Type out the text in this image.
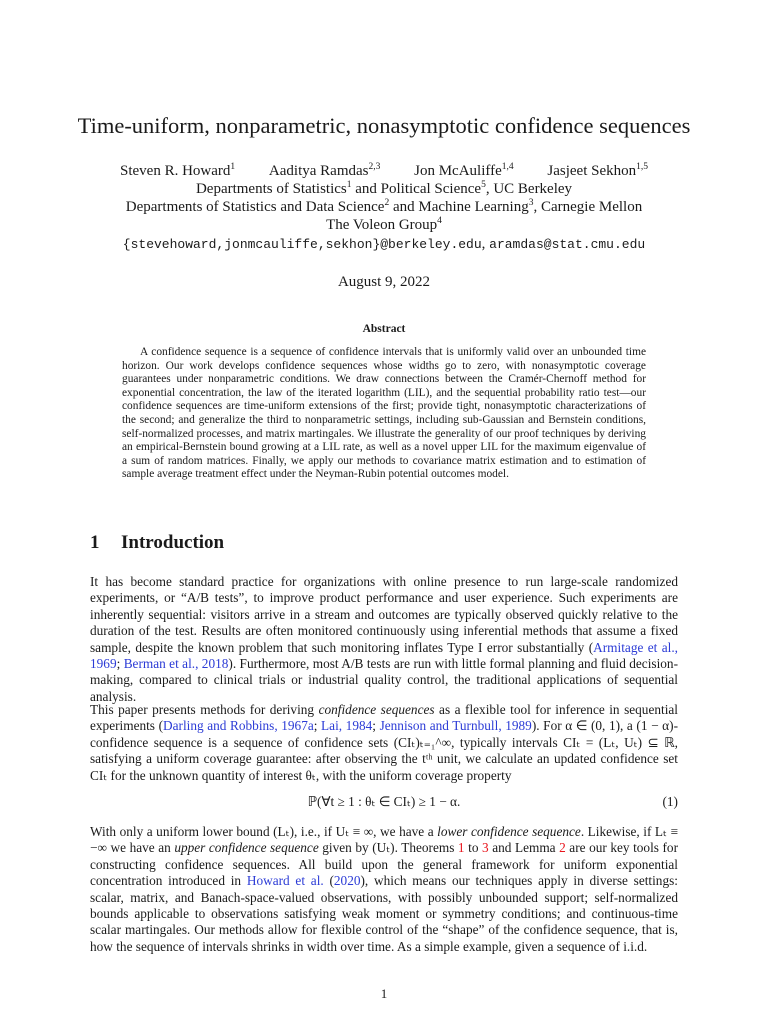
Time-uniform, nonparametric, nonasymptotic confidence sequences
Steven R. Howard$^1$ Aaditya Ramdas$^{2,3}$ Jon McAuliffe$^{1,4}$ Jasjeet Sekhon$^{1,5}$
Departments of Statistics$^1$ and Political Science$^5$, UC Berkeley
Departments of Statistics and Data Science$^2$ and Machine Learning$^3$, Carnegie Mellon
The Voleon Group$^4$
{stevehoward,jonmcauliffe,sekhon}@berkeley.edu, aramdas@stat.cmu.edu
August 9, 2022
Abstract

A confidence sequence is a sequence of confidence intervals that is uniformly valid over an unbounded time horizon. Our work develops confidence sequences whose widths go to zero, with nonasymptotic coverage guarantees under nonparametric conditions. We draw connections between the Cramér-Chernoff method for exponential concentration, the law of the iterated logarithm (LIL), and the sequential probability ratio test—our confidence sequences are time-uniform extensions of the first; provide tight, nonasymptotic characterizations of the second; and generalize the third to nonparametric settings, including sub-Gaussian and Bernstein conditions, self-normalized processes, and matrix martingales. We illustrate the generality of our proof techniques by deriving an empirical-Bernstein bound growing at a LIL rate, as well as a novel upper LIL for the maximum eigenvalue of a sum of random matrices. Finally, we apply our methods to covariance matrix estimation and to estimation of sample average treatment effect under the Neyman-Rubin potential outcomes model.

1 Introduction

It has become standard practice for organizations with online presence to run large-scale randomized experiments, or “A/B tests”, to improve product performance and user experience. Such experiments are inherently sequential: visitors arrive in a stream and outcomes are typically observed quickly relative to the duration of the test. Results are often monitored continuously using inferential methods that assume a fixed sample, despite the known problem that such monitoring inflates Type I error substantially (Armitage et al., 1969; Berman et al., 2018). Furthermore, most A/B tests are run with little formal planning and fluid decision-making, compared to clinical trials or industrial quality control, the traditional applications of sequential analysis.

This paper presents methods for deriving confidence sequences as a flexible tool for inference in sequential experiments (Darling and Robbins, 1967a; Lai, 1984; Jennison and Turnbull, 1989). For α ∈ (0, 1), a (1 − α)-confidence sequence is a sequence of confidence sets (CIₜ)ₜ₌₁^∞, typically intervals CIₜ = (Lₜ, Uₜ) ⊆ ℝ, satisfying a uniform coverage guarantee: after observing the tᵗʰ unit, we calculate an updated confidence set CIₜ for the unknown quantity of interest θₜ, with the uniform coverage property

ℙ(∀t ≥ 1 : θₜ ∈ CIₜ) ≥ 1 − α.	(1)

With only a uniform lower bound (Lₜ), i.e., if Uₜ ≡ ∞, we have a lower confidence sequence. Likewise, if Lₜ ≡ −∞ we have an upper confidence sequence given by (Uₜ). Theorems 1 to 3 and Lemma 2 are our key tools for constructing confidence sequences. All build upon the general framework for uniform exponential concentration introduced in Howard et al. (2020), which means our techniques apply in diverse settings: scalar, matrix, and Banach-space-valued observations, with possibly unbounded support; self-normalized bounds applicable to observations satisfying weak moment or symmetry conditions; and continuous-time scalar martingales. Our methods allow for flexible control of the “shape” of the confidence sequence, that is, how the sequence of intervals shrinks in width over time. As a simple example, given a sequence of i.i.d.

1
